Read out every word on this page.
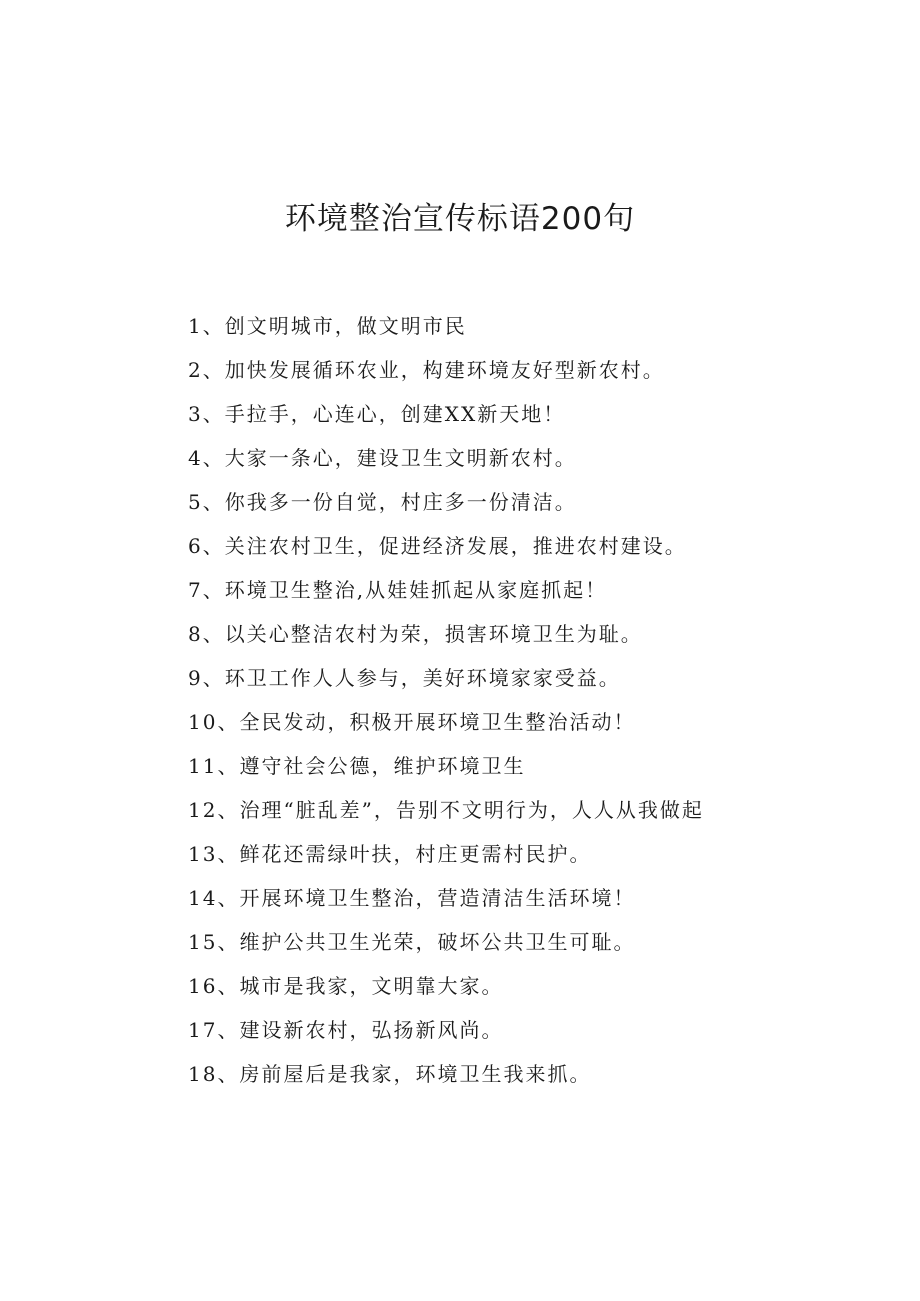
环境整治宣传标语200句
1、创文明城市，做文明市民
2、加快发展循环农业，构建环境友好型新农村。
3、手拉手，心连心，创建XX新天地！
4、大家一条心，建设卫生文明新农村。
5、你我多一份自觉，村庄多一份清洁。
6、关注农村卫生，促进经济发展，推进农村建设。
7、环境卫生整治,从娃娃抓起从家庭抓起！
8、以关心整洁农村为荣，损害环境卫生为耻。
9、环卫工作人人参与，美好环境家家受益。
10、全民发动，积极开展环境卫生整治活动！
11、遵守社会公德，维护环境卫生
12、治理“脏乱差”，告别不文明行为，人人从我做起
13、鲜花还需绿叶扶，村庄更需村民护。
14、开展环境卫生整治，营造清洁生活环境！
15、维护公共卫生光荣，破坏公共卫生可耻。
16、城市是我家，文明靠大家。
17、建设新农村，弘扬新风尚。
18、房前屋后是我家，环境卫生我来抓。
